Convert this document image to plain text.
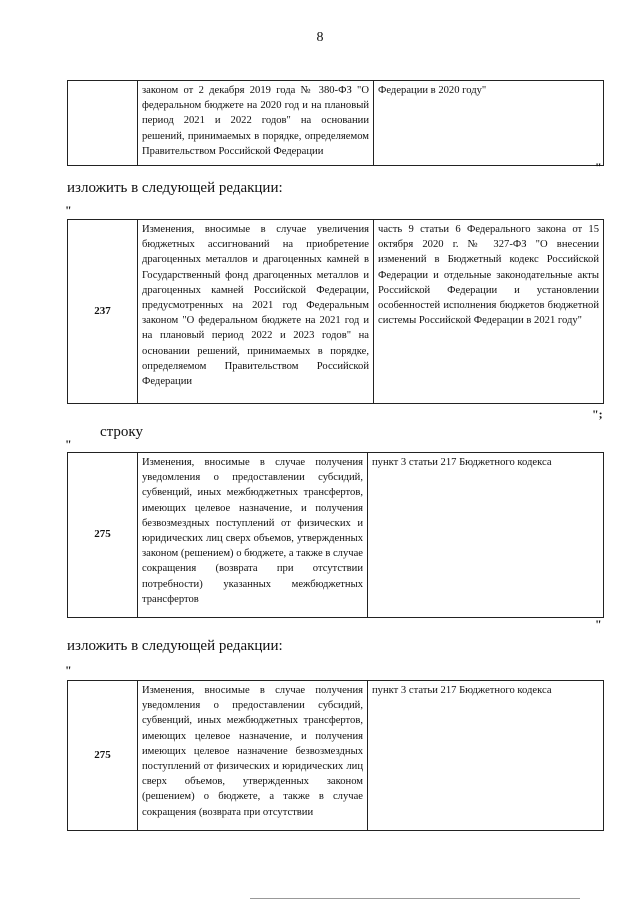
8
	законом от 2 декабря 2019 года № 380-ФЗ "О федеральном бюджете на 2020 год и на плановый период 2021 и 2022 годов" на основании решений, принимаемых в порядке, определяемом Правительством Российской Федерации	Федерации в 2020 году"
"
изложить в следующей редакции:
"
237	Изменения, вносимые в случае увеличения бюджетных ассигнований на приобретение драгоценных металлов и драгоценных камней в Государственный фонд драгоценных металлов и драгоценных камней Российской Федерации, предусмотренных на 2021 год Федеральным законом "О федеральном бюджете на 2021 год и на плановый период 2022 и 2023 годов" на основании решений, принимаемых в порядке, определяемом Правительством Российской Федерации	часть 9 статьи 6 Федерального закона от 15 октября 2020 г. № 327-ФЗ "О внесении изменений в Бюджетный кодекс Российской Федерации и отдельные законодательные акты Российской Федерации и установлении особенностей исполнения бюджетов бюджетной системы Российской Федерации в 2021 году"
";
строку
"
275	Изменения, вносимые в случае получения уведомления о предоставлении субсидий, субвенций, иных межбюджетных трансфертов, имеющих целевое назначение, и получения безвозмездных поступлений от физических и юридических лиц сверх объемов, утвержденных законом (решением) о бюджете, а также в случае сокращения (возврата при отсутствии потребности) указанных межбюджетных трансфертов	пункт 3 статьи 217 Бюджетного кодекса
"
изложить в следующей редакции:
"
275	Изменения, вносимые в случае получения уведомления о предоставлении субсидий, субвенций, иных межбюджетных трансфертов, имеющих целевое назначение, и получения имеющих целевое назначение безвозмездных поступлений от физических и юридических лиц сверх объемов, утвержденных законом (решением) о бюджете, а также в случае сокращения (возврата при отсутствии	пункт 3 статьи 217 Бюджетного кодекса
